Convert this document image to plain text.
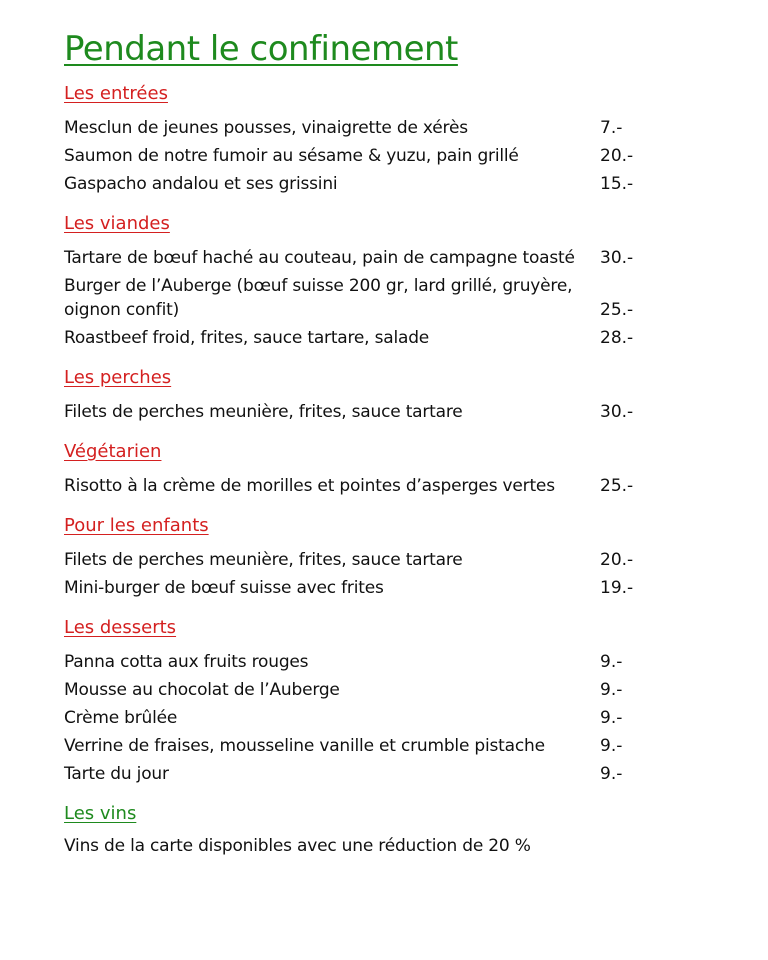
Pendant le confinement
Les entrées
Mesclun de jeunes pousses, vinaigrette de xérès	7.-
Saumon de notre fumoir au sésame & yuzu, pain grillé	20.-
Gaspacho andalou et ses grissini	15.-
Les viandes
Tartare de bœuf haché au couteau, pain de campagne toasté	30.-
Burger de l’Auberge (bœuf suisse 200 gr, lard grillé, gruyère, oignon confit)	25.-
Roastbeef froid, frites, sauce tartare, salade	28.-
Les perches
Filets de perches meunière, frites, sauce tartare	30.-
Végétarien
Risotto à la crème de morilles et pointes d’asperges vertes	25.-
Pour les enfants
Filets de perches meunière, frites, sauce tartare	20.-
Mini-burger de bœuf suisse avec frites	19.-
Les desserts
Panna cotta aux fruits rouges	9.-
Mousse au chocolat de l’Auberge	9.-
Crème brûlée	9.-
Verrine de fraises, mousseline vanille et crumble pistache	9.-
Tarte du jour	9.-
Les vins
Vins de la carte disponibles avec une réduction de 20 %
